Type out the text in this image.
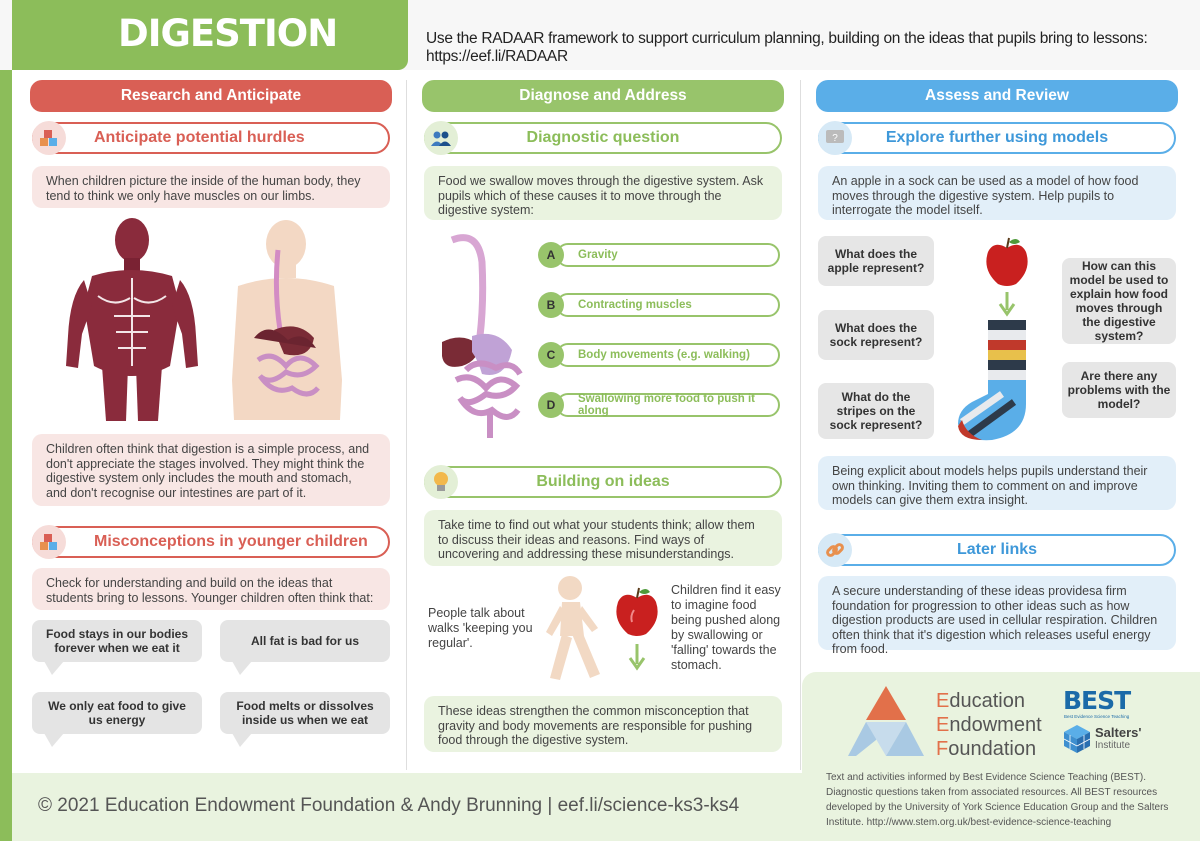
DIGESTION	Use the RADAAR framework to support curriculum planning, building on the ideas that pupils bring to lessons: https://eef.li/RADAAR
© 2021 Education Endowment Foundation & Andy Brunning | eef.li/science-ks3-ks4
Research and Anticipate
Anticipate potential hurdles
When children picture the inside of the human body, they tend to think we only have muscles on our limbs.
Children often think that digestion is a simple process, and don't appreciate the stages involved. They might think the digestive system only includes the mouth and stomach, and don't recognise our intestines are part of it.
Misconceptions in younger children
Check for understanding and build on the ideas that students bring to lessons. Younger children often think that:
Food stays in our bodies forever when we eat it	All fat is bad for us
We only eat food to give us energy
Food melts or dissolves inside us when we eat
Diagnose and Address
Diagnostic question
Food we swallow moves through the digestive system. Ask pupils which of these causes it to move through the digestive system:
Gravity
A
Contracting muscles
B
Body movements (e.g. walking)
C
Swallowing more food to push it along
D
Building on ideas
Take time to find out what your students think; allow them to discuss their ideas and reasons. Find ways of uncovering and addressing these misunderstandings.
People talk about walks 'keeping you regular'.
Children find it easy to imagine food being pushed along by swallowing or 'falling' towards the stomach.
These ideas strengthen the common misconception that gravity and body movements are responsible for pushing food through the digestive system.
Assess and Review
Explore further using models
?
An apple in a sock can be used as a model of how food moves through the digestive system. Help pupils to interrogate the model itself.
What does the apple represent?
What does the sock represent?
What do the stripes on the sock represent?
How can this model be used to explain how food moves through the digestive system?
Are there any problems with the model?
Being explicit about models helps pupils understand their own thinking. Inviting them to comment on and improve models can give them extra insight.
Later links
A secure understanding of these ideas providesa firm foundation for progression to other ideas such as how digestion products are used in cellular respiration. Children often think that it's digestion which releases useful energy from food.
Education
Endowment
Foundation
BEST
Best Evidence Science Teaching
Salters'
Institute
Text and activities informed by Best Evidence Science Teaching (BEST). Diagnostic questions taken from associated resources. All BEST resources developed by the University of York Science Education Group and the Salters Institute. http://www.stem.org.uk/best-evidence-science-teaching
